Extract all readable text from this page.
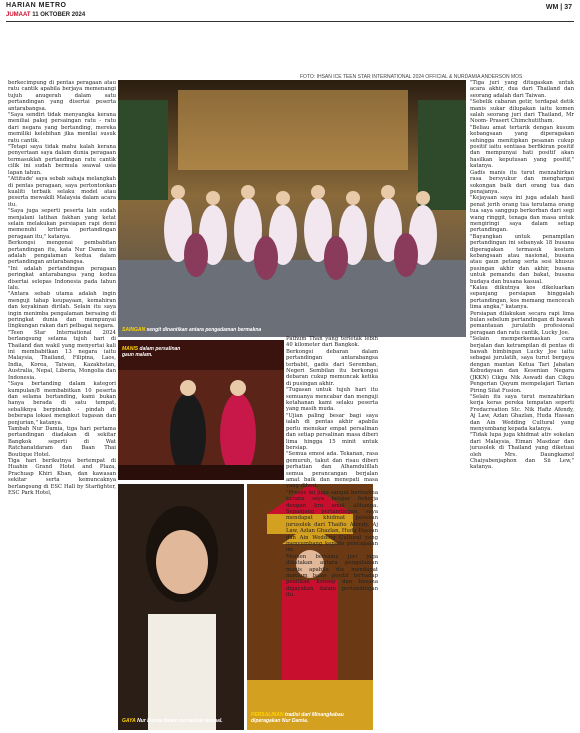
HARIAN METRO
JUMAAT 11 OKTOBER 2024
WM | 37
FOTO: IHSAN ICE TEEN STAR INTERNATIONAL 2024 OFFICIAL & NURDAMIA ANDERSON MOS
SAINGAN sengit dinantikan antara pengadaman bermakna
MANIS dalam persalinan gaun malam.
GAYA Nur Damia dalam persalinan kasual.
PERSALINAN tradisi dari Minangkabau diperagakan Nur Damia.
berkecimpung di pentas peragaan atau ratu cantik apabila berjaya memenangi tujuh anugerah dalam satu pertandingan yang disertai peserta antarabangsa.
"Saya sendiri tidak menyangka kerana meniliai pakej persaingan ratu - ratu dari negara yang bertanding, mereka memiliki kelebihan jika menilai susuk ratu cantik.
"Tetapi saya tidak mahu kalah kerana penyertaan saya dalam dunia peragaan termasuklah pertandingan ratu cantik cilik ini sudah bermula seawal usia lapan tahun.
"Attitude' saya sebab sahaja melangkah di pentas peragaan, saya pertontonkan kualiti terbaik selaku model atau peserta mewakili Malaysia dalam acara itu.
"Saya juga seperti peserta lain sudah menjalani latihan fakhan yang ketat selain melakukan persiapan rapi demi memenuhi kriteria pertandingan peragaan itu," katanya.
Berkongsi mengenai pembabitan pertandingan itu, kata Nur Damia ini adalah pengalaman kedua dalam pertandingan antarabangsa.
"Ini adalah pertandingan peragaan peringkat antarabangsa yang kedua disertai selepas Indonesia pada tahun lalu.
"Antara sebab utama adalah ingin menguji tahap keupayaan, kemahiran dan keyakinan dirilah. Selain itu saya ingin menimba pengalaman bersaing di peringkat dunia dan mempunyai lingkungan rakan dari pelbagai negara.
"Teen Star International 2024 berlangsung selama tujuh hari di Thailand dan wakil yang menyertai kali ini membabitkan 13 negara iaitu Malaysia, Thailand, Filipina, Laos, India, Korea, Taiwan, Kazakhstan, Australia, Nepal, Liberia, Mongolia dan Indonesia.
"Saya bertanding dalam kategori kumpulan/8 membabitkan 10 peserta dan selama bertanding, kami bukan hanya berada di satu tempat, sebaliknya berpindah - pindah di beberapa lokasi mengikut tugasan dan penjurian," katanya.
Tambah Nur Damia, tiga hari pertama pertandingan diadakan di sekitar Bangkok seperti di Wat Ratchanatdaram dan Baan Thai Boutique Hotel.
Tiga hari berikutnya bertempat di Huahin Grand Hotel and Plaza, Prachuap Khiri Khan, dan kawasan sekitar serta kemuncaknya berlangsung di ESC Hall by Starfighter, ESC Park Hotel,
Pathum Than yang terletak lebih 40 kilometer dari Bangkok.
Berkongsi debaran dalam pertandingan antarabangsa terbabit, gadis dari Seremban, Negeri Sembilan itu berkongsi debaran cukup memuncak ketika di pusingan akhir.
"Tugasan untuk tujuh hari itu semuanya mencabar dan menguji ketahanan kami selaku peserta yang masih muda.
"Ujian paling besar bagi saya ialah di pentas akhir apabila perlu menukar empat persalinan dan setiap persalinan masa diberi lima hingga 15 minit untuk bersiap.
"Semua emosi ada. Tekanan, rasa gemuruh, takut dan risau diberi perhatian dan Alhamdulillah semua perancangan berjalan amat baik dan menepati masa yang diberi.
"Proses ini juga sangat bermakna kerana saya belajar bekerja dengan kru amat alihanga. Sepanjang pertandingan, saya mendapat khidmat pasukan jurusolek dari Thaifio Afendy, Aj Law, Azlan Ghazlan, Huda Hassan dan Ain Wedding Cultural yang menyumbang kepada pencapaian ini.
Momen bersama juri juga dikatakan antara pengalaman manis apabila dia mendapat maklum balas positif terhadap penilitan konsep dan busana digayakan dalam pertandingan itu.
"Tiga juri yang ditugaskan untuk acara akhir, dua dari Thailand dan seorang adalah dari Taiwan.
"Sebelik cabaran getir, terdapat detik manis sukar dilupakan iaitu komen salah seorang juri dari Thailand, Mr Noom- Prasert Chimchutitham.
"Beliau amat tertarik dengan kusum kebangsaan yang diperagakan sehingga menitipkan pesanan cukup positif iaitu sentiasa berfikiran positif dan mempunyai hati positif akan hasilkan keputusan yang positif," katanya.
Gadis manis itu turut menzahirkan rasa bersyukur dan menghargai sokongan baik dari orang tua dan penajanya.
"Kejayaan saya ini juga adalah hasil penat jerih orang tua terutama orang tua saya sanggup berkorban dari segi wang ringgit, tenaga dan masa untuk mengiringi saya dalam setiap pertandingan.
"Bayangkan untuk penampilan pertandingan ini sebanyak 18 busana diperagakan termasuk kostum kebangsaan atau nasional, busana atau gaun petang serta sesi khusus pusingan akhir dan akhir, busana untuk pemandu dan bakat, busana budaya dan busana kasual.
"Kalau diikutnya kos dikeluarkan sepanjang persiapan hinggalah pertandingan, kos memang mencecah lima angka," katanya.
Persiapan dilakukan secara rapi lima bulan sebelum pertandingan di bawah pemantauan jurulatih profesional peragaan dan ratu cantik, Lucky Joe.
"Selain memperkemaskan cara berjalan dan ketrampilan di pentas di bawah bimbingan Lucky Joe iaitu sebagai jurulatih, saya turut bergaya dengan mantan Ketua Tari Jabatan Kebudayaan dan Kesenian Negara (JKKN) Cikgu Nik Aswadi dan Cikgu Pengerian Qayum mempelajari Tarian Piring Silat Fusion.
"Selain itu saya turut menzahirkan kerja keras pereka tempatan seperti Fredacreation Stc. Nik Hafiz Afendy, Aj Law, Azlan Ghazlan, Huda Hassan dan Ain Wedding Cultural yang menyumbang kepada katanya.
"Tidak lupa juga khidmat ativ sokelan dari Malaysia, Eiman Masdzar dan jurusolek di Thailand yang diketuai oleh Mrs. Daungkamol Chaiyabenjaphon dan Sii Lew," katanya.
